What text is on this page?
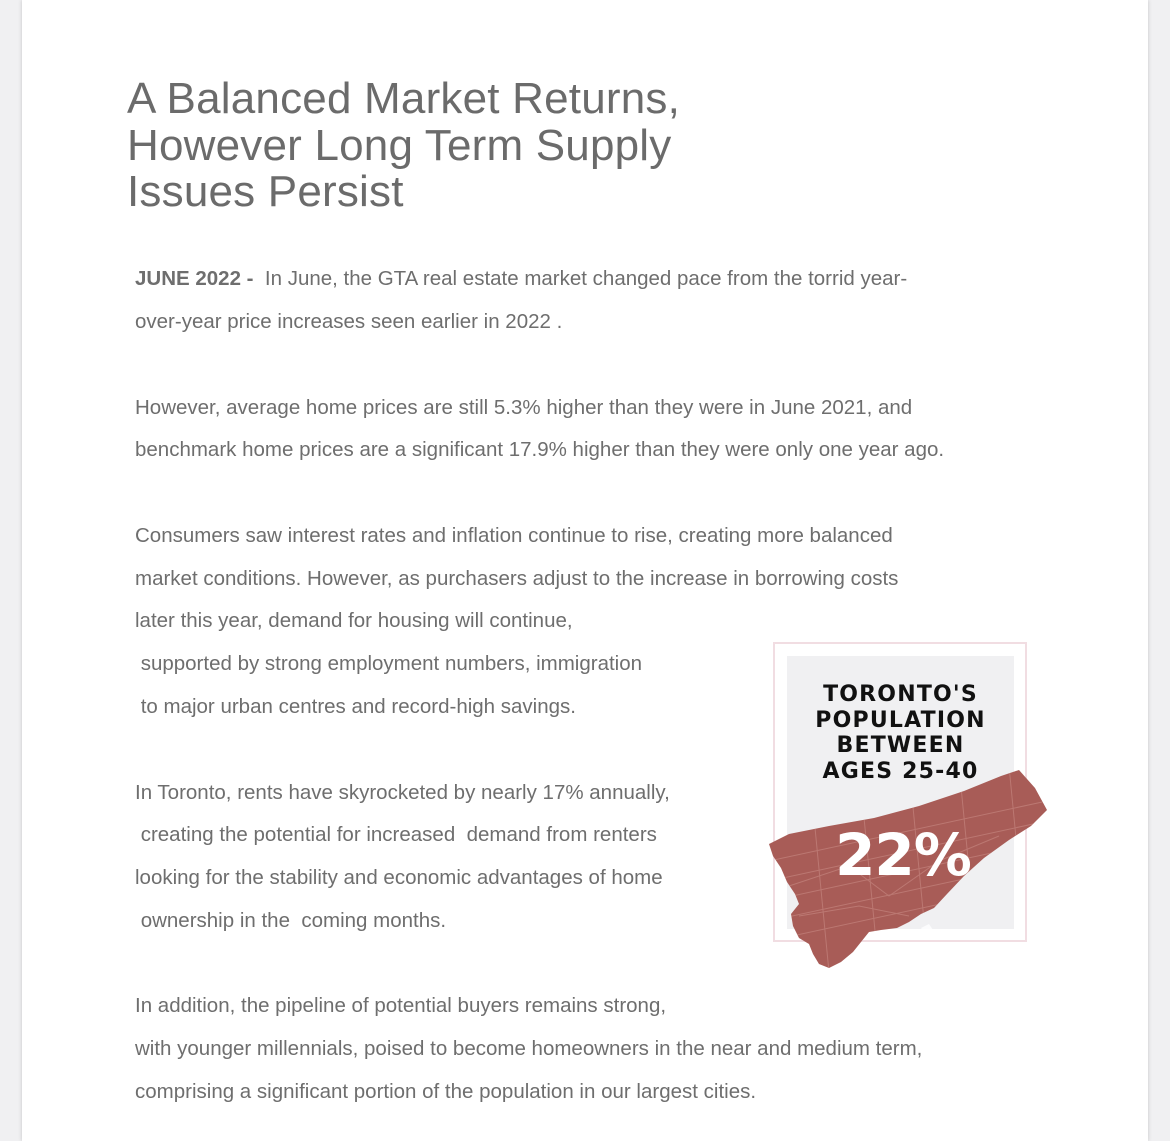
A Balanced Market Returns,
However Long Term Supply
Issues Persist
JUNE 2022 -  In June, the GTA real estate market changed pace from the torrid year-
over-year price increases seen earlier in 2022 .
However, average home prices are still 5.3% higher than they were in June 2021, and
benchmark home prices are a significant 17.9% higher than they were only one year ago.
Consumers saw interest rates and inflation continue to rise, creating more balanced
market conditions. However, as purchasers adjust to the increase in borrowing costs
later this year, demand for housing will continue,
supported by strong employment numbers, immigration
to major urban centres and record-high savings.
In Toronto, rents have skyrocketed by nearly 17% annually,
creating the potential for increased  demand from renters
looking for the stability and economic advantages of home
ownership in the  coming months.
In addition, the pipeline of potential buyers remains strong,
with younger millennials, poised to become homeowners in the near and medium term,
comprising a significant portion of the population in our largest cities.
TORONTO'S
POPULATION
BETWEEN
AGES 25-40
22%
